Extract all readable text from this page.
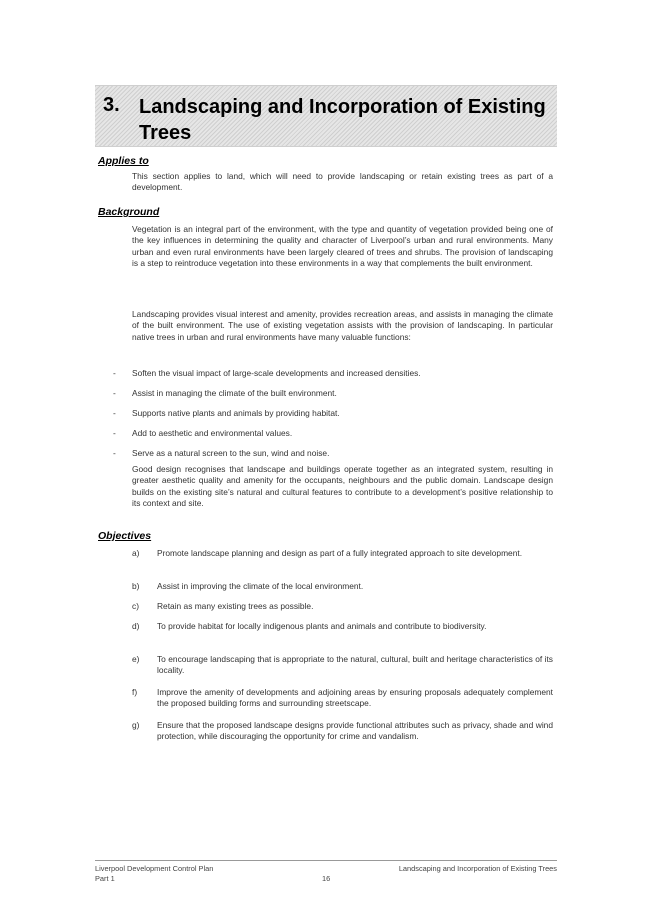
3. Landscaping and Incorporation of Existing Trees
Applies to

This section applies to land, which will need to provide landscaping or retain existing trees as part of a development.

Background

Vegetation is an integral part of the environment, with the type and quantity of vegetation provided being one of the key influences in determining the quality and character of Liverpool’s urban and rural environments. Many urban and even rural environments have been largely cleared of trees and shrubs. The provision of landscaping is a step to reintroduce vegetation into these environments in a way that complements the built environment.

Landscaping provides visual interest and amenity, provides recreation areas, and assists in managing the climate of the built environment. The use of existing vegetation assists with the provision of landscaping. In particular native trees in urban and rural environments have many valuable functions:

- Soften the visual impact of large-scale developments and increased densities.
- Assist in managing the climate of the built environment.
- Supports native plants and animals by providing habitat.
- Add to aesthetic and environmental values.
- Serve as a natural screen to the sun, wind and noise.

Good design recognises that landscape and buildings operate together as an integrated system, resulting in greater aesthetic quality and amenity for the occupants, neighbours and the public domain. Landscape design builds on the existing site’s natural and cultural features to contribute to a development’s positive relationship to its context and site.

Objectives
a) Promote landscape planning and design as part of a fully integrated approach to site development.
b) Assist in improving the climate of the local environment.
c) Retain as many existing trees as possible.
d) To provide habitat for locally indigenous plants and animals and contribute to biodiversity.
e) To encourage landscaping that is appropriate to the natural, cultural, built and heritage characteristics of its locality.
f) Improve the amenity of developments and adjoining areas by ensuring proposals adequately complement the proposed building forms and surrounding streetscape.
g) Ensure that the proposed landscape designs provide functional attributes such as privacy, shade and wind protection, while discouraging the opportunity for crime and vandalism.
Liverpool Development Control Plan
Part 1
Landscaping and Incorporation of Existing Trees
16
